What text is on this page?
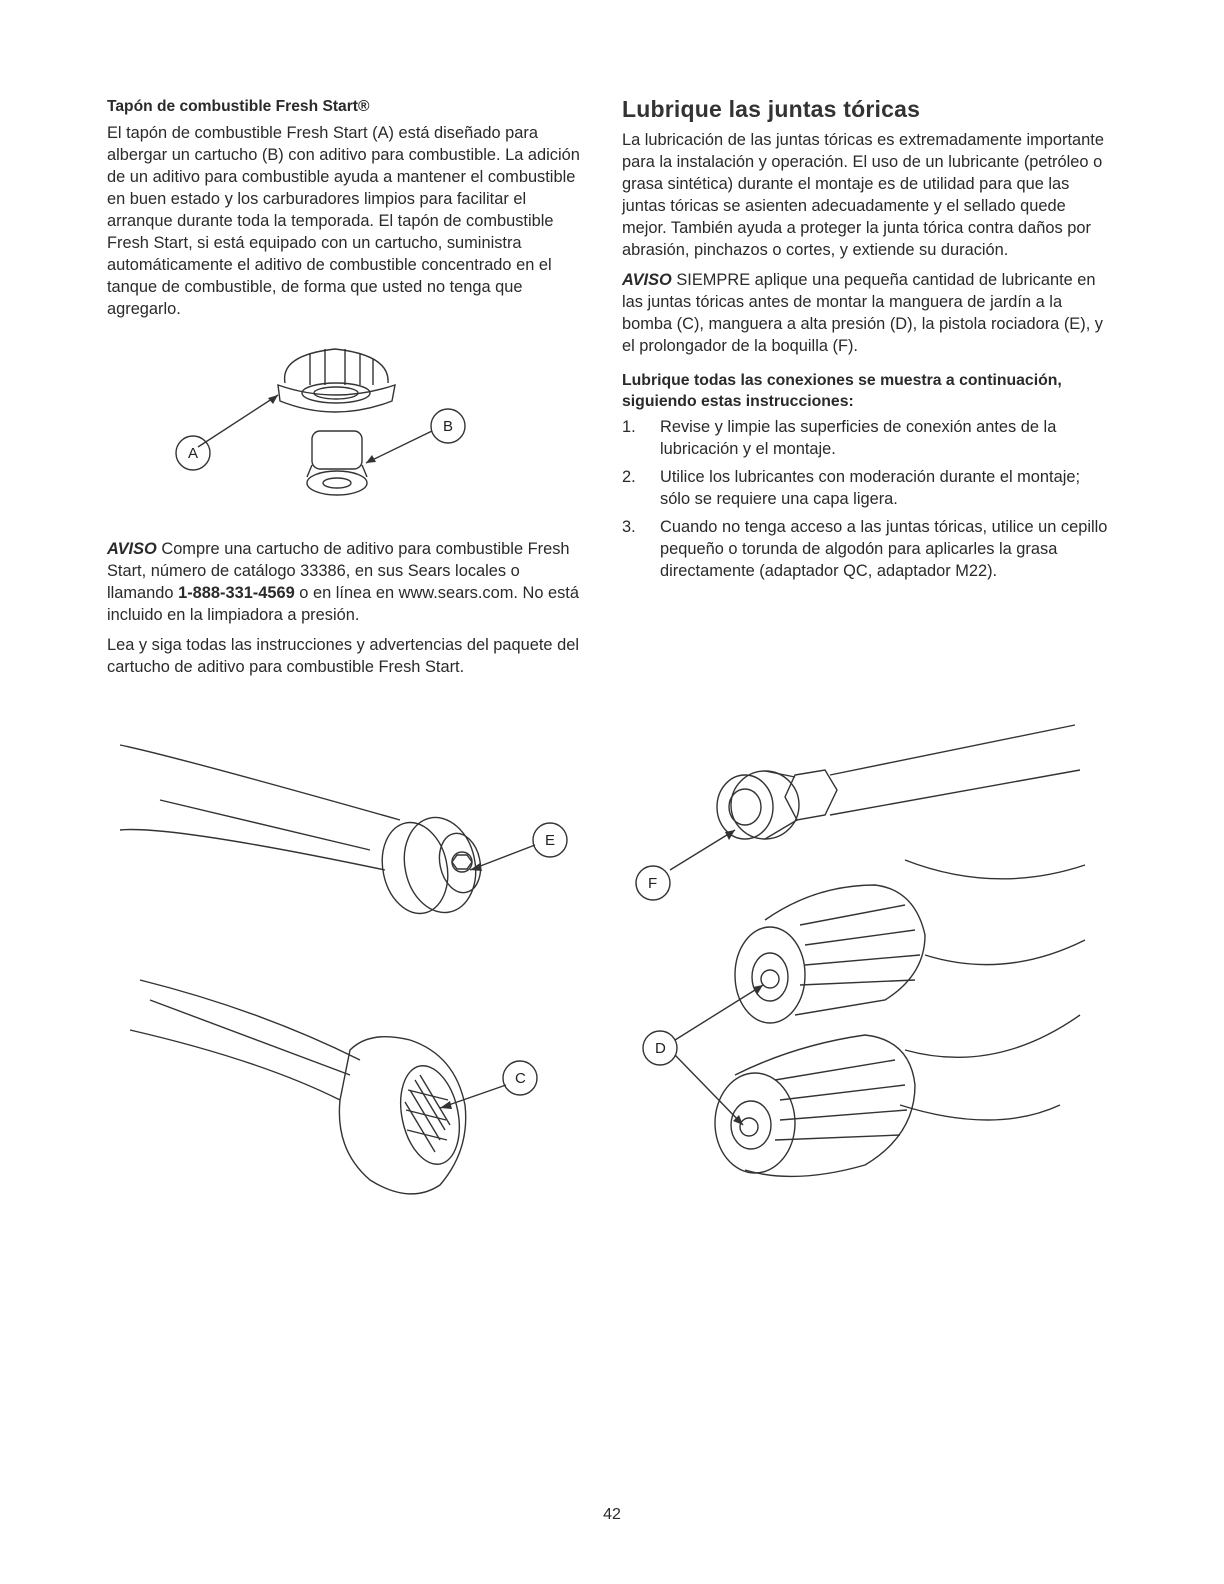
Tapón de combustible Fresh Start®

El tapón de combustible Fresh Start (A) está diseñado para albergar un cartucho (B) con aditivo para combustible. La adición de un aditivo para combustible ayuda a mantener el combustible en buen estado y los carburadores limpios para facilitar el arranque durante toda la temporada. El tapón de combustible Fresh Start, si está equipado con un cartucho, suministra automáticamente el aditivo de combustible concentrado en el tanque de combustible, de forma que usted no tenga que agregarlo.

AVISO Compre una cartucho de aditivo para combustible Fresh Start, número de catálogo 33386, en sus Sears locales o llamando 1-888-331-4569 o en línea en www.sears.com. No está incluido en la limpiadora a presión.

Lea y siga todas las instrucciones y advertencias del paquete del cartucho de aditivo para combustible Fresh Start.

Lubrique las juntas tóricas

La lubricación de las juntas tóricas es extremadamente importante para la instalación y operación. El uso de un lubricante (petróleo o grasa sintética) durante el montaje es de utilidad para que las juntas tóricas se asienten adecuadamente y el sellado quede mejor. También ayuda a proteger la junta tórica contra daños por abrasión, pinchazos o cortes, y extiende su duración.

AVISO SIEMPRE aplique una pequeña cantidad de lubricante en las juntas tóricas antes de montar la manguera de jardín a la bomba (C), manguera a alta presión (D), la pistola rociadora (E), y el prolongador de la boquilla (F).

Lubrique todas las conexiones se muestra a continuación, siguiendo estas instrucciones:

1. Revise y limpie las superficies de conexión antes de la lubricación y el montaje.
2. Utilice los lubricantes con moderación durante el montaje; sólo se requiere una capa ligera.
3. Cuando no tenga acceso a las juntas tóricas, utilice un cepillo pequeño o torunda de algodón para aplicarles la grasa directamente (adaptador QC, adaptador M22).
A
B
E
C
F
D
42
